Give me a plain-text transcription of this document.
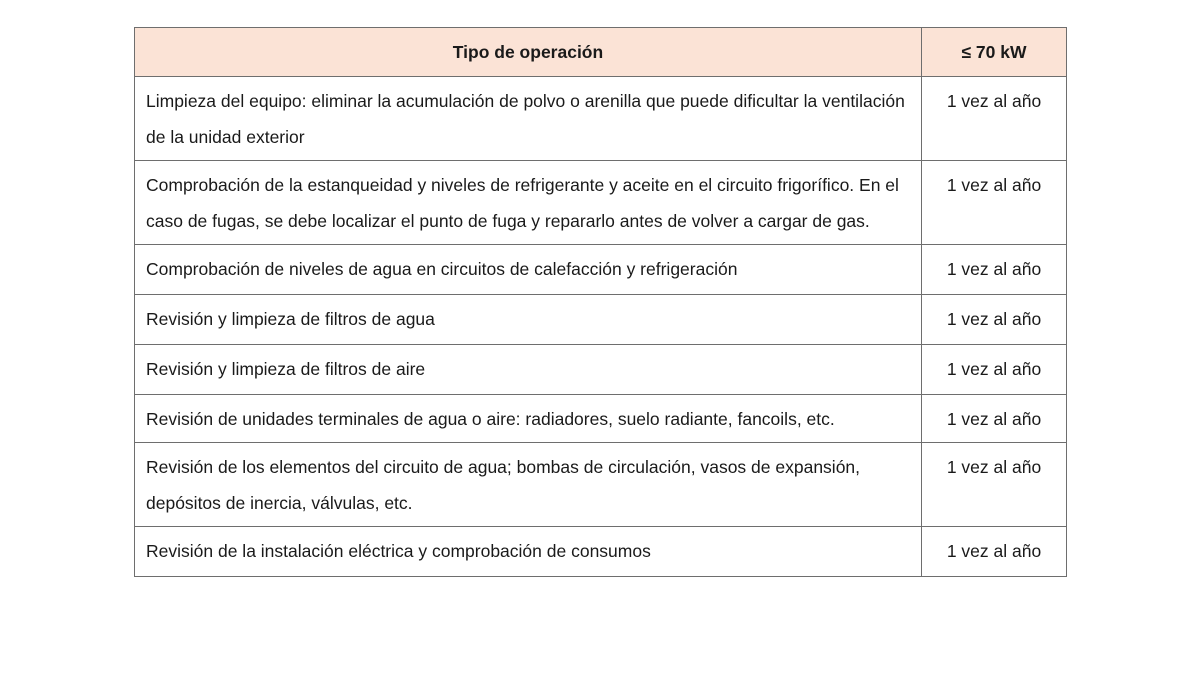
Tipo de operación	≤ 70 kW
Limpieza del equipo: eliminar la acumulación de polvo o arenilla que puede dificultar la ventilación de la unidad exterior	1 vez al año
Comprobación de la estanqueidad y niveles de refrigerante y aceite en el circuito frigorífico. En el caso de fugas, se debe localizar el punto de fuga y repararlo antes de volver a cargar de gas.	1 vez al año
Comprobación de niveles de agua en circuitos de calefacción y refrigeración	1 vez al año
Revisión y limpieza de filtros de agua	1 vez al año
Revisión y limpieza de filtros de aire	1 vez al año
Revisión de unidades terminales de agua o aire: radiadores, suelo radiante, fancoils, etc.	1 vez al año
Revisión de los elementos del circuito de agua; bombas de circulación, vasos de expansión, depósitos de inercia, válvulas, etc.	1 vez al año
Revisión de la instalación eléctrica y comprobación de consumos	1 vez al año
